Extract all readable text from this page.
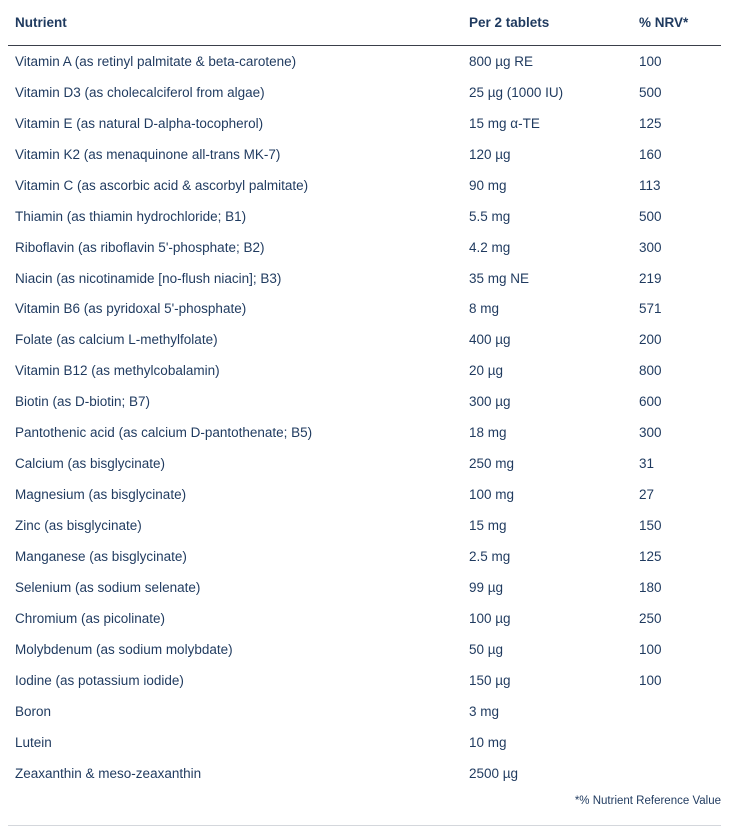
Nutrient	Per 2 tablets	% NRV*
Vitamin A (as retinyl palmitate & beta-carotene)	800 µg RE	100
Vitamin D3 (as cholecalciferol from algae)	25 µg (1000 IU)	500
Vitamin E (as natural D-alpha-tocopherol)	15 mg α-TE	125
Vitamin K2 (as menaquinone all-trans MK-7)	120 µg	160
Vitamin C (as ascorbic acid & ascorbyl palmitate)	90 mg	113
Thiamin (as thiamin hydrochloride; B1)	5.5 mg	500
Riboflavin (as riboflavin 5'-phosphate; B2)	4.2 mg	300
Niacin (as nicotinamide [no-flush niacin]; B3)	35 mg NE	219
Vitamin B6 (as pyridoxal 5'-phosphate)	8 mg	571
Folate (as calcium L-methylfolate)	400 µg	200
Vitamin B12 (as methylcobalamin)	20 µg	800
Biotin (as D-biotin; B7)	300 µg	600
Pantothenic acid (as calcium D-pantothenate; B5)	18 mg	300
Calcium (as bisglycinate)	250 mg	31
Magnesium (as bisglycinate)	100 mg	27
Zinc (as bisglycinate)	15 mg	150
Manganese (as bisglycinate)	2.5 mg	125
Selenium (as sodium selenate)	99 µg	180
Chromium (as picolinate)	100 µg	250
Molybdenum (as sodium molybdate)	50 µg	100
Iodine (as potassium iodide)	150 µg	100
Boron	3 mg	
Lutein	10 mg	
Zeaxanthin & meso-zeaxanthin	2500 µg	
*% Nutrient Reference Value
